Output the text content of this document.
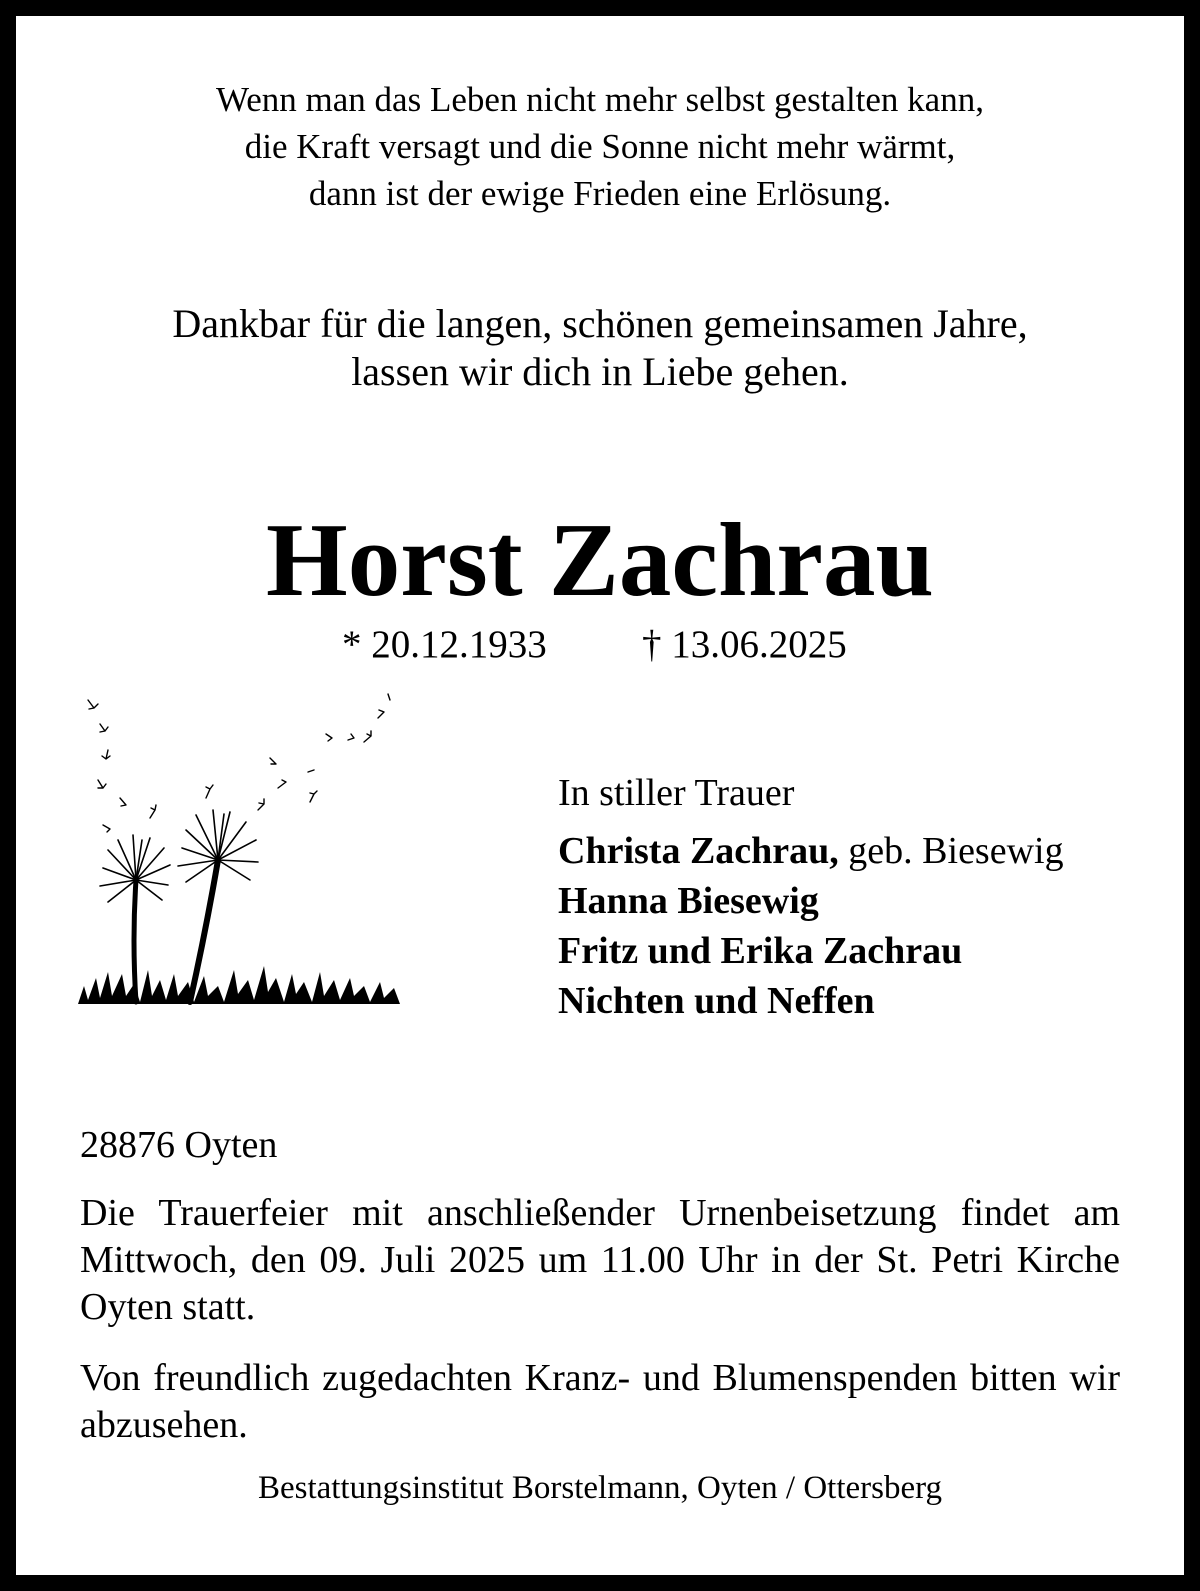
Wenn man das Leben nicht mehr selbst gestalten kann,
die Kraft versagt und die Sonne nicht mehr wärmt,
dann ist der ewige Frieden eine Erlösung.
Dankbar für die langen, schönen gemeinsamen Jahre,
lassen wir dich in Liebe gehen.
Horst Zachrau
* 20.12.1933 † 13.06.2025
In stiller Trauer
Christa Zachrau, geb. Biesewig
Hanna Biesewig
Fritz und Erika Zachrau
Nichten und Neffen
28876 Oyten
Die Trauerfeier mit anschließender Urnenbeisetzung findet am Mittwoch, den 09. Juli 2025 um 11.00 Uhr in der St. Petri Kirche Oyten statt.
Von freundlich zugedachten Kranz- und Blumenspenden bitten wir abzusehen.
Bestattungsinstitut Borstelmann, Oyten / Ottersberg
